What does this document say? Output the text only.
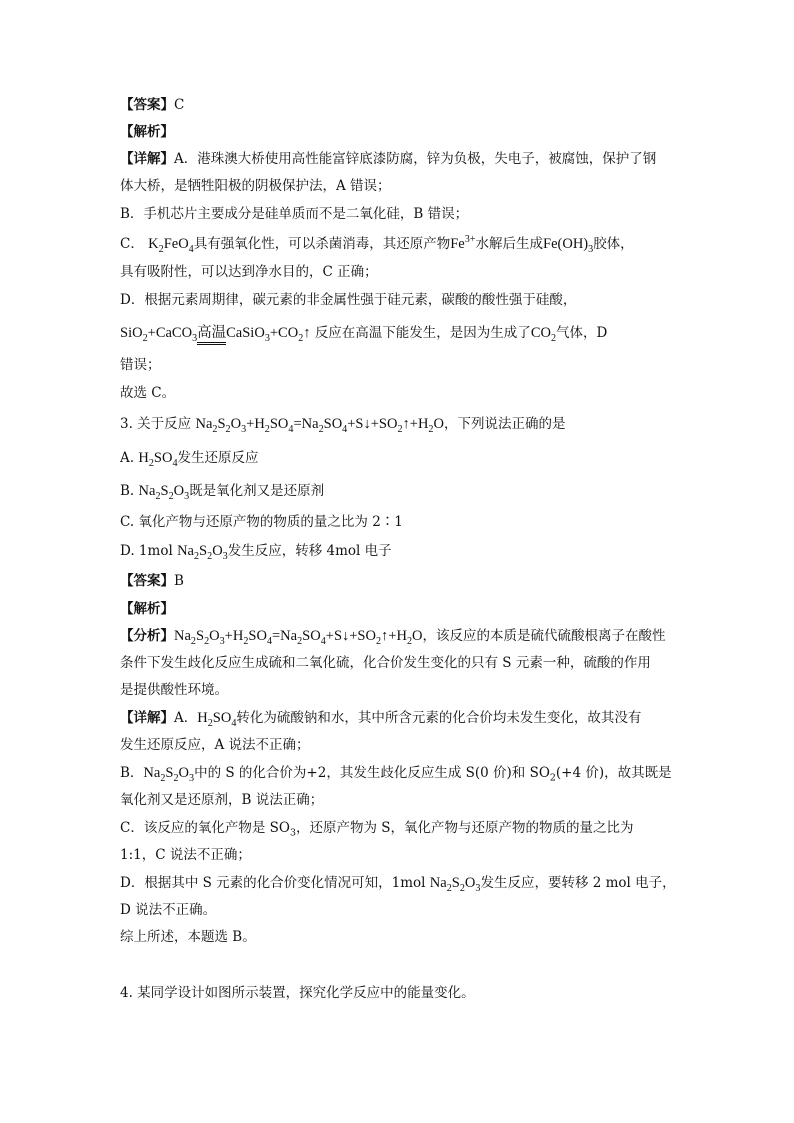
【答案】C
【解析】
【详解】A．港珠澳大桥使用高性能富锌底漆防腐，锌为负极，失电子，被腐蚀，保护了钢
体大桥，是牺牲阳极的阴极保护法，A 错误；
B．手机芯片主要成分是硅单质而不是二氧化硅，B 错误；
C． $K_2FeO_4$具有强氧化性，可以杀菌消毒，其还原产物$Fe^{3+}$水解后生成$Fe(OH)_3$胶体，
具有吸附性，可以达到净水目的，C 正确；
D．根据元素周期律，碳元素的非金属性强于硅元素，碳酸的酸性强于硅酸，
SiO$_2$+CaCO$_3$高温$CaSiO_3+CO_2↑$ 反应在高温下能发生，是因为生成了$CO_2$气体，D
错误；
故选 C。
3. 关于反应 $Na_2S_2O_3+H_2SO_4=Na_2SO_4+S↓+SO_2↑+H_2O$，下列说法正确的是
A. $H_2SO_4$发生还原反应
B. $Na_2S_2O_3$既是氧化剂又是还原剂
C. 氧化产物与还原产物的物质的量之比为 2∶1
D. 1mol $Na_2S_2O_3$发生反应，转移 4mol 电子
【答案】B
【解析】
【分析】$Na_2S_2O_3+H_2SO_4=Na_2SO_4+S↓+SO_2↑+H_2O$，该反应的本质是硫代硫酸根离子在酸性
条件下发生歧化反应生成硫和二氧化硫，化合价发生变化的只有 S 元素一种，硫酸的作用
是提供酸性环境。
【详解】A．$H_2SO_4$转化为硫酸钠和水，其中所含元素的化合价均未发生变化，故其没有
发生还原反应，A 说法不正确；
B．$Na_2S_2O_3$中的 S 的化合价为+2，其发生歧化反应生成 S(0 价)和 $SO_2(+4$ 价)，故其既是
氧化剂又是还原剂，B 说法正确；
C．该反应的氧化产物是 $SO_3$，还原产物为 S，氧化产物与还原产物的物质的量之比为
1:1，C 说法不正确；
D．根据其中 S 元素的化合价变化情况可知，1mol $Na_2S_2O_3$发生反应，要转移 2 mol 电子，
D 说法不正确。
综上所述，本题选 B。
4. 某同学设计如图所示装置，探究化学反应中的能量变化。
